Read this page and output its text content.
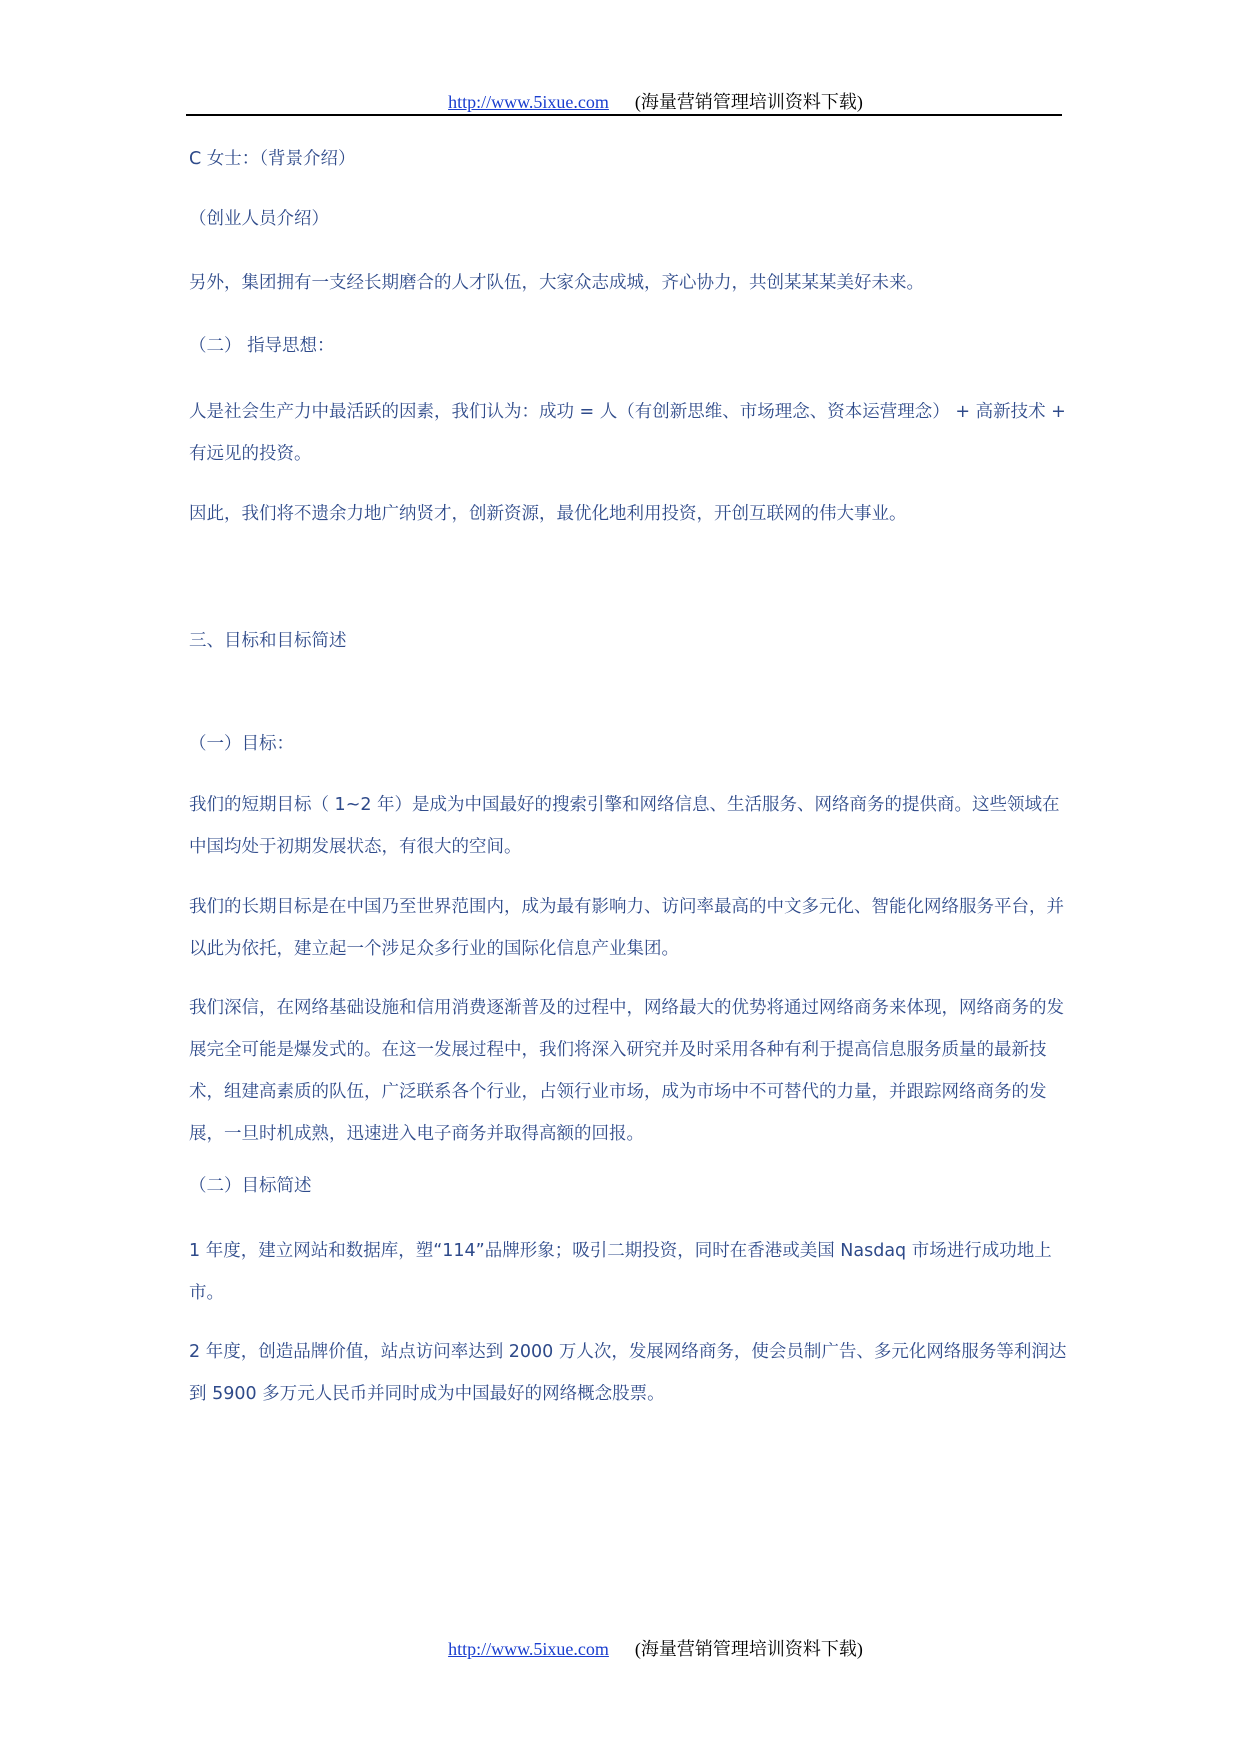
http://www.5ixue.com (海量营销管理培训资料下载)

C 女士：（背景介绍）

（创业人员介绍）

另外，集团拥有一支经长期磨合的人才队伍，大家众志成城，齐心协力，共创某某某美好未来。

（二） 指导思想：

人是社会生产力中最活跃的因素，我们认为：成功 = 人（有创新思维、市场理念、资本运营理念） + 高新技术 + 有远见的投资。

因此，我们将不遗余力地广纳贤才，创新资源，最优化地利用投资，开创互联网的伟大事业。

三、目标和目标简述

（一）目标：

我们的短期目标（ 1~2 年）是成为中国最好的搜索引擎和网络信息、生活服务、网络商务的提供商。这些领域在中国均处于初期发展状态，有很大的空间。

我们的长期目标是在中国乃至世界范围内，成为最有影响力、访问率最高的中文多元化、智能化网络服务平台，并以此为依托，建立起一个涉足众多行业的国际化信息产业集团。

我们深信，在网络基础设施和信用消费逐渐普及的过程中，网络最大的优势将通过网络商务来体现，网络商务的发展完全可能是爆发式的。在这一发展过程中，我们将深入研究并及时采用各种有利于提高信息服务质量的最新技术，组建高素质的队伍，广泛联系各个行业，占领行业市场，成为市场中不可替代的力量，并跟踪网络商务的发展，一旦时机成熟，迅速进入电子商务并取得高额的回报。

（二）目标简述

1 年度，建立网站和数据库，塑“114”品牌形象；吸引二期投资，同时在香港或美国 Nasdaq 市场进行成功地上市。

2 年度，创造品牌价值，站点访问率达到 2000 万人次，发展网络商务，使会员制广告、多元化网络服务等利润达到 5900 多万元人民币并同时成为中国最好的网络概念股票。

http://www.5ixue.com (海量营销管理培训资料下载)
